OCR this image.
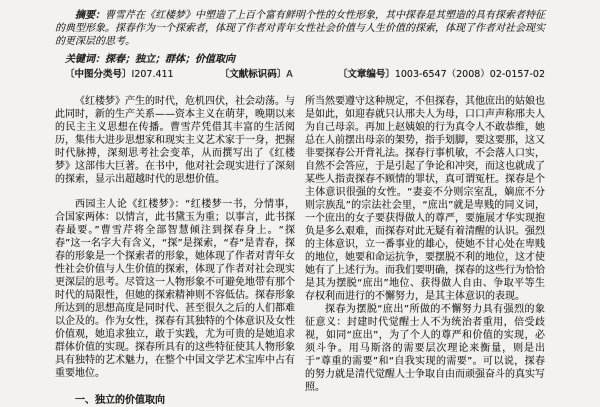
摘要：曹雪芹在《红楼梦》中塑造了上百个富有鲜明个性的女性形象，其中探春是其塑造的具有探索者特征的典型形象。探春作为一个探索者，体现了作者对青年女性社会价值与人生价值的探索，体现了作者对社会现实的更深层的思考。
关键词：探春；独立；群体；价值取向
〔中图分类号〕I207.411	〔文献标识码〕A	〔文章编号〕1003-6547（2008）02-0157-02

《红楼梦》产生的时代，危机四伏，社会动荡。与此同时，新的生产关系——资本主义在萌芽，晚期以来的民主主义思想在传播。曹雪芹凭借其丰富的生活阅历，集伟大进步思想家和现实主义艺术家于一身，把握时代脉搏，深刻思考社会变革，从而撰写出了《红楼梦》这部伟大巨著。在书中，他对社会现实进行了深刻的探索，显示出超越时代的思想价值。

西园主人论《红楼梦》：“红楼梦一书，分情事，合国家两体：以情言，此书黛玉为重；以事言，此书探春最要。”曹雪芹将全部智慧倾注到探春身上。“探春”这一名字大有含义，“探”是探索，“春”是青春，探春的形象是一个探索者的形象，她体现了作者对青年女性社会价值与人生价值的探索，体现了作者对社会现实更深层的思考。尽管这一人物形象不可避免地带有那个时代的局限性，但她的探索精神则不容低估。探春形象所达到的思想高度是同时代、甚至很久之后的人们都难以企及的。作为女性，探春有其独特的个体意识及女性价值观，她追求独立，敢于实践，尤为可贵的是她追求群体价值的实现。探春所具有的这些特征使其人物形象具有独特的艺术魅力，在整个中国文学艺术宝库中占有重要地位。

一、独立的价值取向

所当然要遵守这种规定，不但探春，其他庶出的姑娘也是如此，如迎春就只认邢夫人为母，口口声声称邢夫人为自己母亲。再加上赵姨娘的行为真令人不敢恭维，她总在人前摆出母亲的架势，指手划脚，要这要那，这又非要探春公开背礼法。探春行事机敏，不会落人口实，自然不会答应，于是引起了争论和冲突，而这也就成了某些人指责探春不顾情的罪状，真可谓冤枉。探春是个主体意识很强的女性。“妻妾不分则宗室乱，嫡庶不分则宗族乱”的宗法社会里，“庶出”就是卑贱的同义词，一个庶出的女子要获得做人的尊严，要施展才华实现抱负是多么艰难，而探春对此无疑有着清醒的认识。强烈的主体意识，立一番事业的雄心，使她不甘心处在卑贱的地位，她要和命运抗争，要摆脱不利的地位，这才使她有了上述行为。而我们要明确，探春的这些行为恰恰是其为摆脱“庶出”地位、获得做人自由、争取平等生存权利而进行的不懈努力，是其主体意识的表现。

探春为摆脱“庶出”所做的不懈努力具有强烈的象征意义：封建时代觉醒士人不为统治者重用，倍受歧视，如同“庶出”，为了个人的尊严和价值的实现，必须斗争。用马斯洛的需要层次理论来衡量，则是出于“尊重的需要”和“自我实现的需要”。可以说，探春的努力就是清代觉醒人士争取自由而顽强奋斗的真实写照。
